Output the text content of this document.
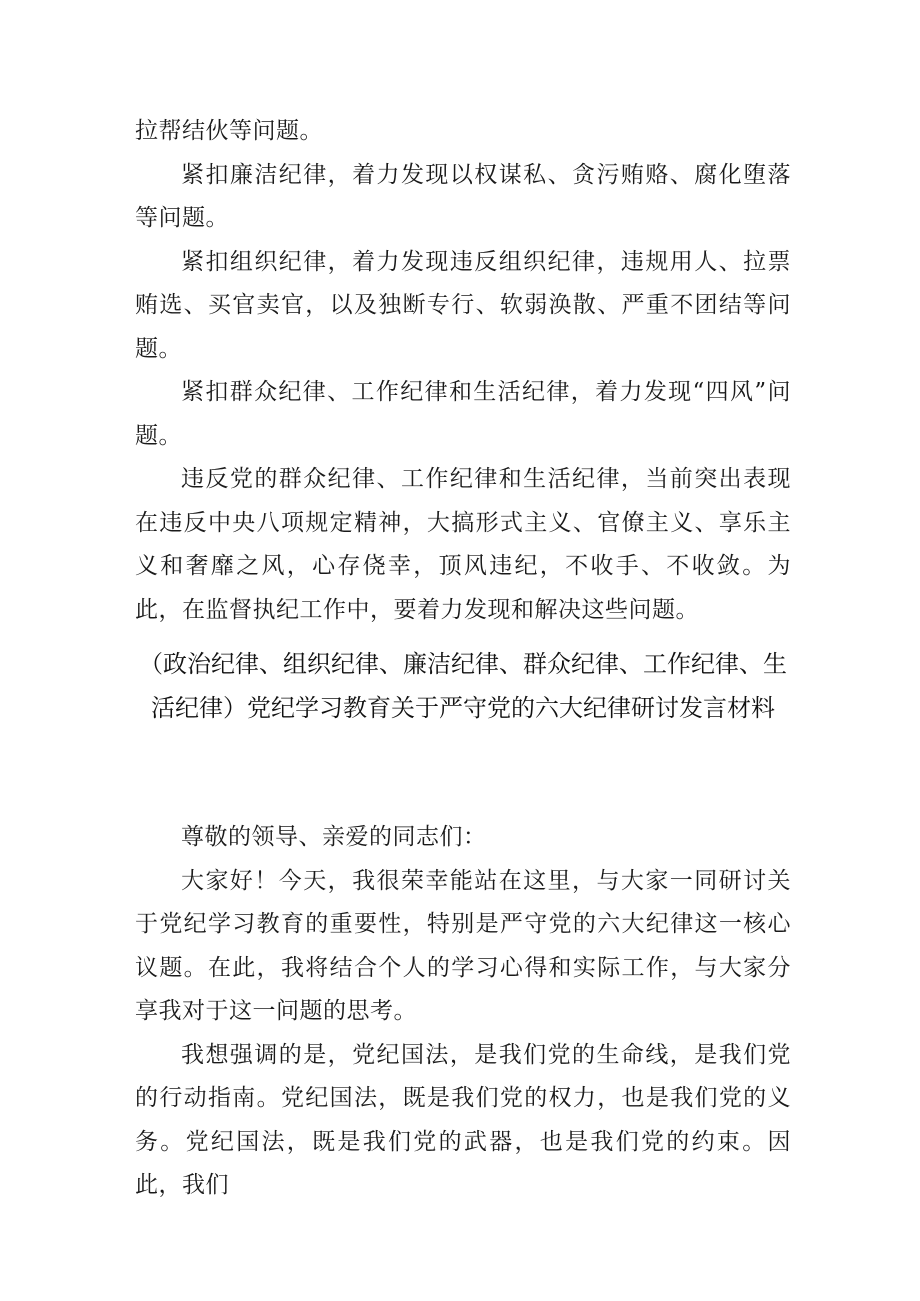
拉帮结伙等问题。

紧扣廉洁纪律，着力发现以权谋私、贪污贿赂、腐化堕落等问题。

紧扣组织纪律，着力发现违反组织纪律，违规用人、拉票贿选、买官卖官，以及独断专行、软弱涣散、严重不团结等问题。

紧扣群众纪律、工作纪律和生活纪律，着力发现“四风”问题。

违反党的群众纪律、工作纪律和生活纪律，当前突出表现在违反中央八项规定精神，大搞形式主义、官僚主义、享乐主义和奢靡之风，心存侥幸，顶风违纪，不收手、不收敛。为此，在监督执纪工作中，要着力发现和解决这些问题。

（政治纪律、组织纪律、廉洁纪律、群众纪律、工作纪律、生活纪律）党纪学习教育关于严守党的六大纪律研讨发言材料

尊敬的领导、亲爱的同志们：

大家好！今天，我很荣幸能站在这里，与大家一同研讨关于党纪学习教育的重要性，特别是严守党的六大纪律这一核心议题。在此，我将结合个人的学习心得和实际工作，与大家分享我对于这一问题的思考。

我想强调的是，党纪国法，是我们党的生命线，是我们党的行动指南。党纪国法，既是我们党的权力，也是我们党的义务。党纪国法，既是我们党的武器，也是我们党的约束。因此，我们
